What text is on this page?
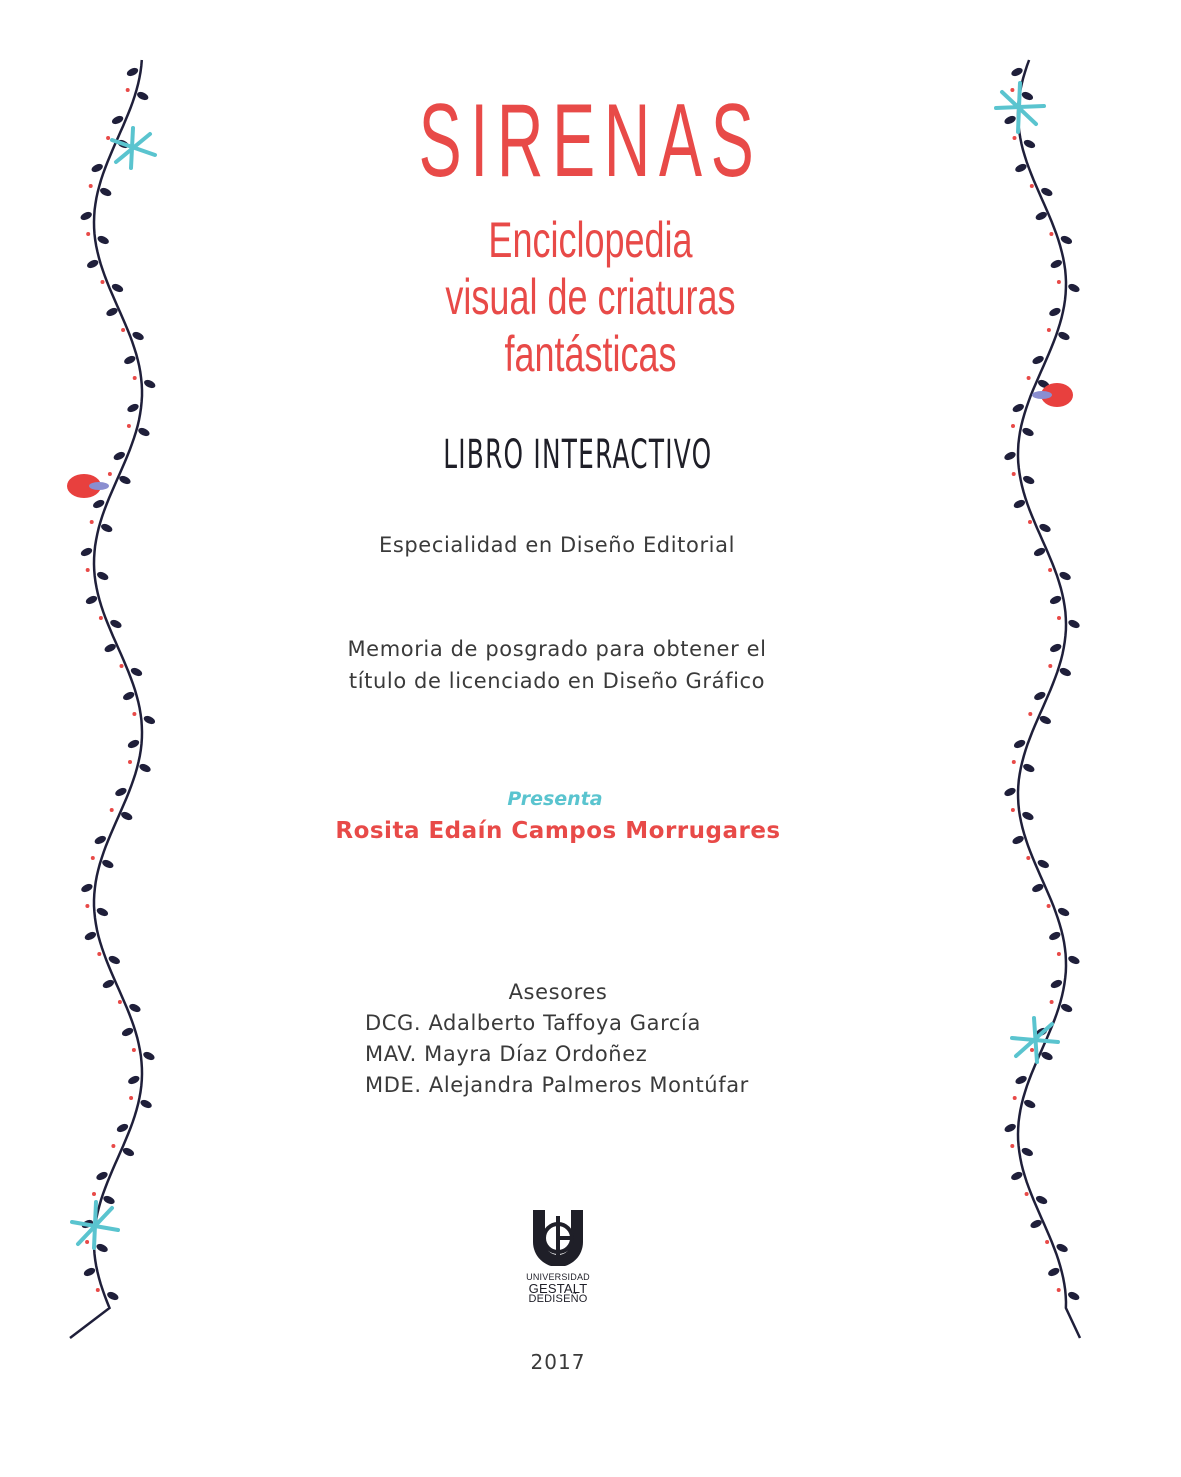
SIRENAS
Enciclopedia
visual de criaturas
fantásticas
LIBRO INTERACTIVO
Especialidad en Diseño Editorial
Memoria de posgrado para obtener el
título de licenciado en Diseño Gráfico
Presenta
Rosita Edaín Campos Morrugares
Asesores
DCG. Adalberto Taffoya García
MAV. Mayra Díaz Ordoñez
MDE. Alejandra Palmeros Montúfar
UNIVERSIDAD
GESTALT
DEDISEÑO
2017
